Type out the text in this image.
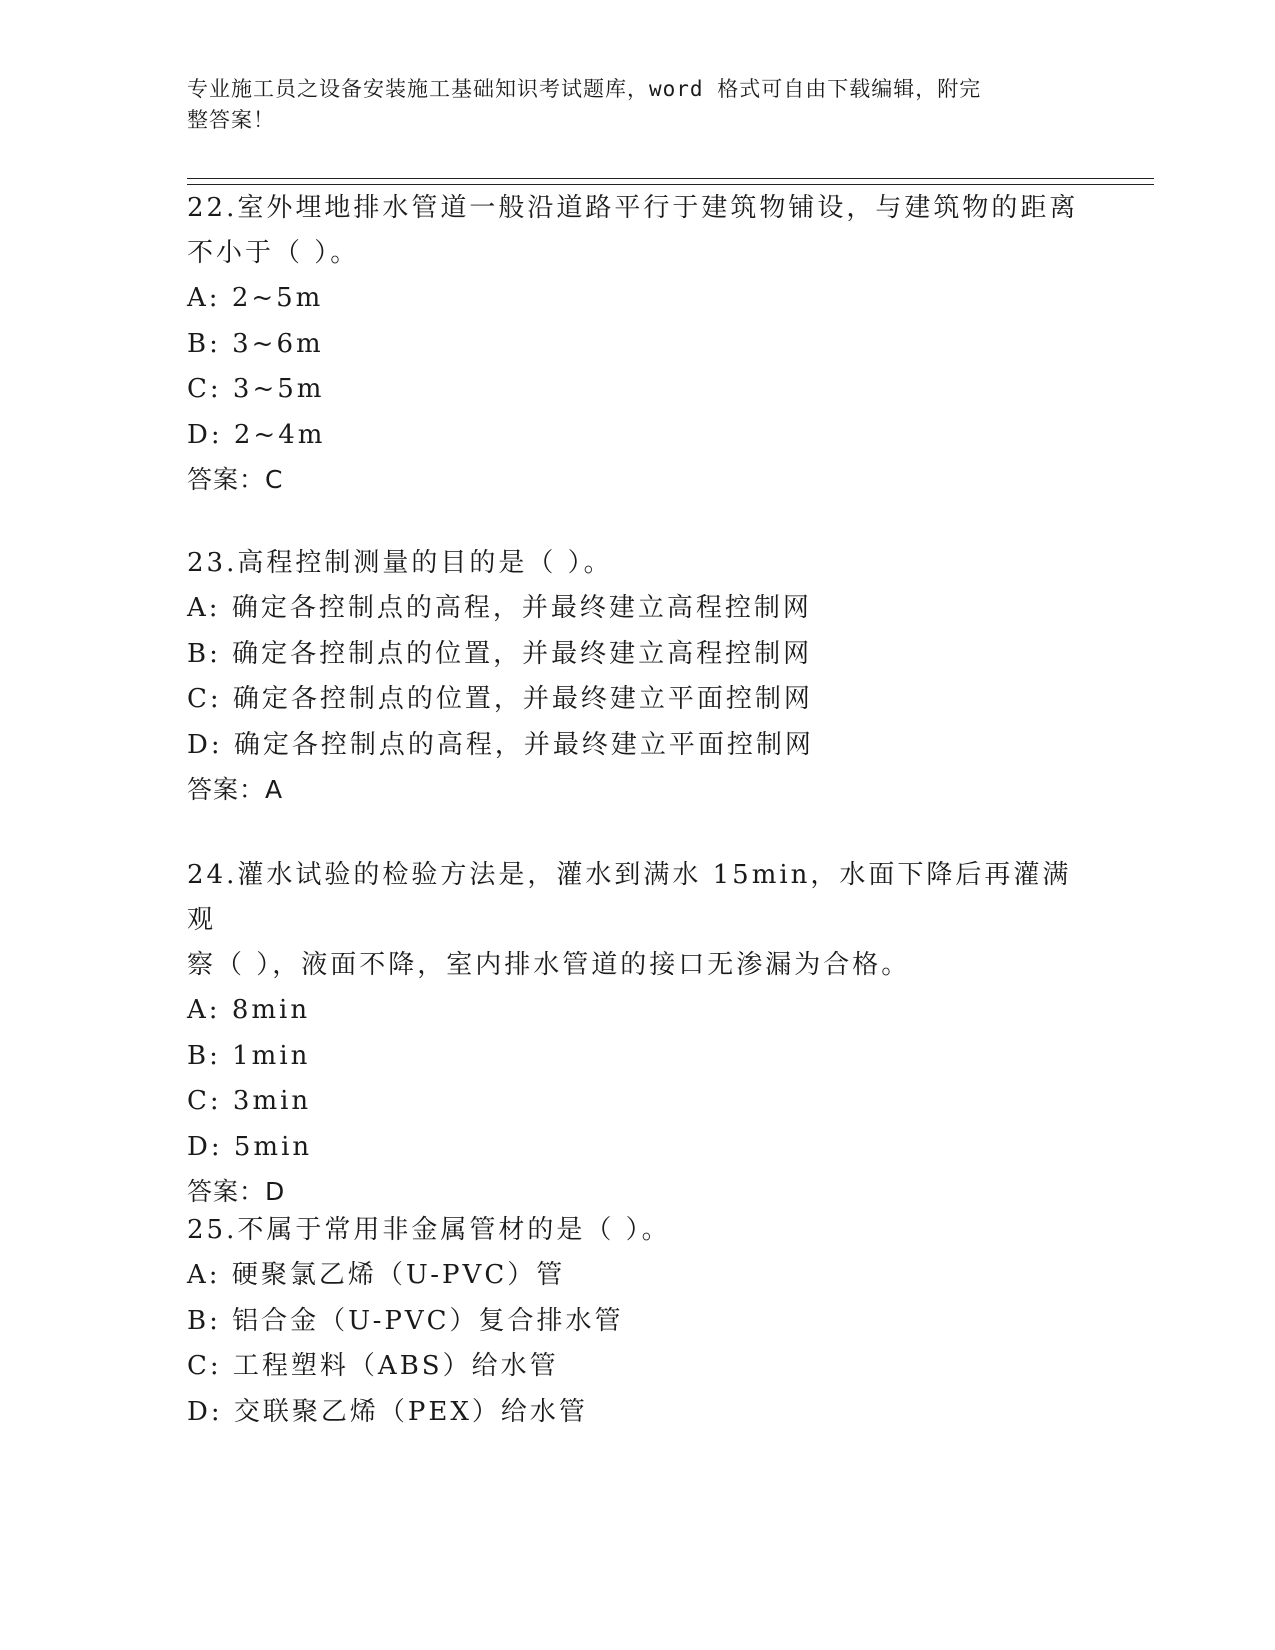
专业施工员之设备安装施工基础知识考试题库，word 格式可自由下载编辑，附完
整答案！

22.室外埋地排水管道一般沿道路平行于建筑物铺设，与建筑物的距离

不小于（ ）。

A: 2~5m

B: 3~6m

C: 3~5m

D: 2~4m

答案：C

23.高程控制测量的目的是（ ）。

A: 确定各控制点的高程，并最终建立高程控制网

B: 确定各控制点的位置，并最终建立高程控制网

C: 确定各控制点的位置，并最终建立平面控制网

D: 确定各控制点的高程，并最终建立平面控制网

答案：A

24.灌水试验的检验方法是，灌水到满水 15min，水面下降后再灌满观

察（ ），液面不降，室内排水管道的接口无渗漏为合格。

A: 8min

B: 1min

C: 3min

D: 5min

答案：D

25.不属于常用非金属管材的是（ ）。

A: 硬聚氯乙烯（U-PVC）管

B: 铝合金（U-PVC）复合排水管

C: 工程塑料（ABS）给水管

D: 交联聚乙烯（PEX）给水管
